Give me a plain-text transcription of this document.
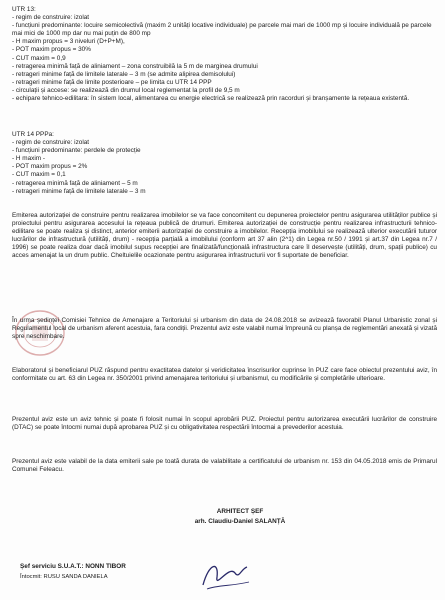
UTR 13:
- regim de construire: izolat
- funcțiuni predominante: locuire semicolectivă (maxim 2 unități locative individuale) pe parcele mai mari de 1000 mp și locuire individuală pe parcele mai mici de 1000 mp dar nu mai puțin de 800 mp
- H maxim propus = 3 niveluri (D+P+M),
- POT maxim propus = 30%
- CUT maxim = 0,9
- retragerea minimă față de aliniament – zona construibilă la 5 m de marginea drumului
- retrageri minime față de limitele laterale – 3 m (se admite alipirea demisolului)
- retrageri minime față de limite posterioare – pe limita cu UTR 14 PPP
- circulații și accese: se realizează din drumul local reglementat la profil de 9,5 m
- echipare tehnico-edilitara: în sistem local, alimentarea cu energie electrică se realizează prin racorduri și branșamente la rețeaua existentă.
UTR 14 PPPa:
- regim de construire: izolat
- funcțiuni predominante: perdele de protecție
- H maxim -
- POT maxim propus = 2%
- CUT maxim = 0,1
- retragerea minimă față de aliniament – 5 m
- retrageri minime față de limitele laterale – 3 m
Emiterea autorizației de construire pentru realizarea imobilelor se va face concomitent cu depunerea proiectelor pentru asigurarea utilităților publice și proiectului pentru asigurarea accesului la rețeaua publică de drumuri. Emiterea autorizației de construcție pentru realizarea infrastructurii tehnico-edilitare se poate realiza și distinct, anterior emiterii autorizației de construire a imobilelor. Recepția imobilului se realizează ulterior executării tuturor lucrărilor de infrastructură (utilități, drum) - recepția parțială a imobilului (conform art 37 alin (2^1) din Legea nr.50 / 1991 și art.37 din Legea nr.7 / 1996) se poate realiza doar dacă imobilul supus recepției are finalizată/funcțională infrastructura care îl deservește (utilități, drum, spații publice) cu acces amenajat la un drum public. Cheltuielile ocazionate pentru asigurarea infrastructurii vor fi suportate de beneficiar.
În urma ședinței Comisiei Tehnice de Amenajare a Teritoriului și urbanism din data de 24.08.2018 se avizează favorabil Planul Urbanistic zonal și Regulamentul local de urbanism aferent acestuia, fara condiții. Prezentul aviz este valabil numai împreună cu planșa de reglementări anexată și vizată spre neschimbare.
Elaboratorul și beneficiarul PUZ răspund pentru exactitatea datelor și veridicitatea înscrisurilor cuprinse în PUZ care face obiectul prezentului aviz, în conformitate cu art. 63 din Legea nr. 350/2001 privind amenajarea teritoriului și urbanismul, cu modificările și completările ulterioare.
Prezentul aviz este un aviz tehnic și poate fi folosit numai în scopul aprobării PUZ. Proiectul pentru autorizarea executării lucrărilor de construire (DTAC) se poate întocmi numai după aprobarea PUZ și cu obligativitatea respectării întocmai a prevederilor acestuia.
Prezentul aviz este valabil de la data emiterii sale pe toată durata de valabilitate a certificatului de urbanism nr. 153 din 04.05.2018 emis de Primarul Comunei Feleacu.
ARHITECT ȘEF
arh. Claudiu-Daniel SALANȚĂ
Șef serviciu S.U.A.T.: NONN TIBOR
Întocmit: RUSU SANDA DANIELA
